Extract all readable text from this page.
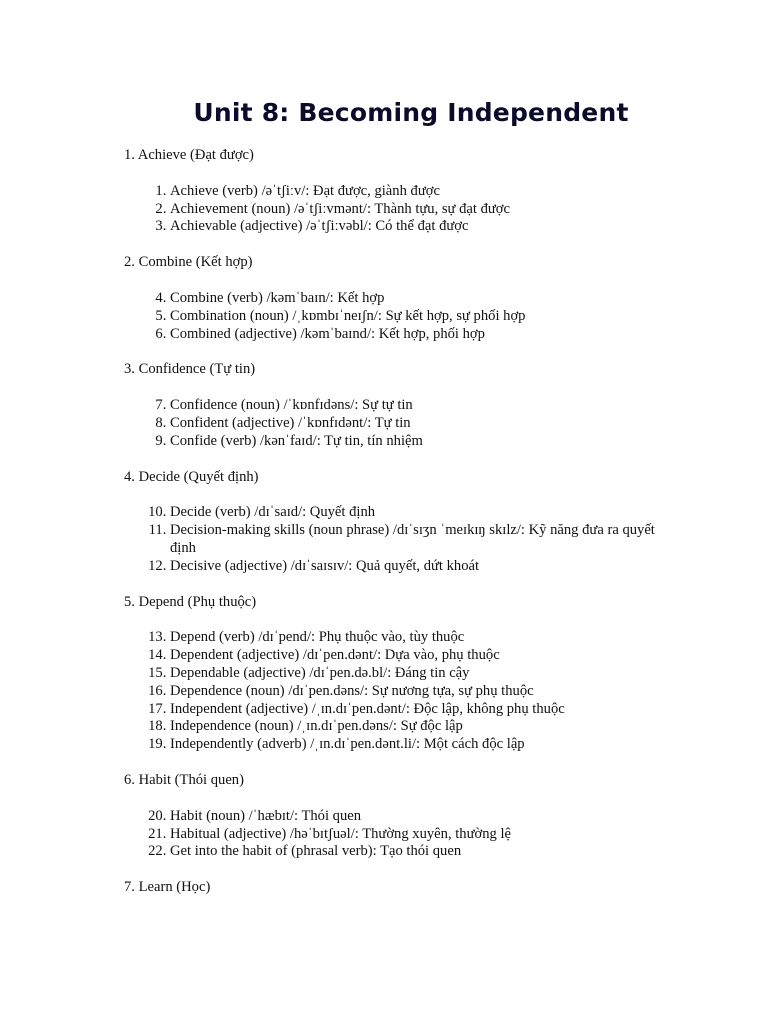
Unit 8: Becoming Independent

1. Achieve (Đạt được)

1. Achieve (verb) /əˈtʃiːv/: Đạt được, giành được
2. Achievement (noun) /əˈtʃiːvmənt/: Thành tựu, sự đạt được
3. Achievable (adjective) /əˈtʃiːvəbl/: Có thể đạt được

2. Combine (Kết hợp)

4. Combine (verb) /kəmˈbaɪn/: Kết hợp
5. Combination (noun) /ˌkɒmbɪˈneɪʃn/: Sự kết hợp, sự phối hợp
6. Combined (adjective) /kəmˈbaɪnd/: Kết hợp, phối hợp

3. Confidence (Tự tin)

7. Confidence (noun) /ˈkɒnfɪdəns/: Sự tự tin
8. Confident (adjective) /ˈkɒnfɪdənt/: Tự tin
9. Confide (verb) /kənˈfaɪd/: Tự tin, tín nhiệm

4. Decide (Quyết định)

10. Decide (verb) /dɪˈsaɪd/: Quyết định
11. Decision-making skills (noun phrase) /dɪˈsɪʒn ˈmeɪkɪŋ skɪlz/: Kỹ năng đưa ra quyết định
12. Decisive (adjective) /dɪˈsaɪsɪv/: Quả quyết, dứt khoát

5. Depend (Phụ thuộc)

13. Depend (verb) /dɪˈpend/: Phụ thuộc vào, tùy thuộc
14. Dependent (adjective) /dɪˈpen.dənt/: Dựa vào, phụ thuộc
15. Dependable (adjective) /dɪˈpen.də.bl/: Đáng tin cậy
16. Dependence (noun) /dɪˈpen.dəns/: Sự nương tựa, sự phụ thuộc
17. Independent (adjective) /ˌɪn.dɪˈpen.dənt/: Độc lập, không phụ thuộc
18. Independence (noun) /ˌɪn.dɪˈpen.dəns/: Sự độc lập
19. Independently (adverb) /ˌɪn.dɪˈpen.dənt.li/: Một cách độc lập

6. Habit (Thói quen)

20. Habit (noun) /ˈhæbɪt/: Thói quen
21. Habitual (adjective) /həˈbɪtʃuəl/: Thường xuyên, thường lệ
22. Get into the habit of (phrasal verb): Tạo thói quen

7. Learn (Học)
